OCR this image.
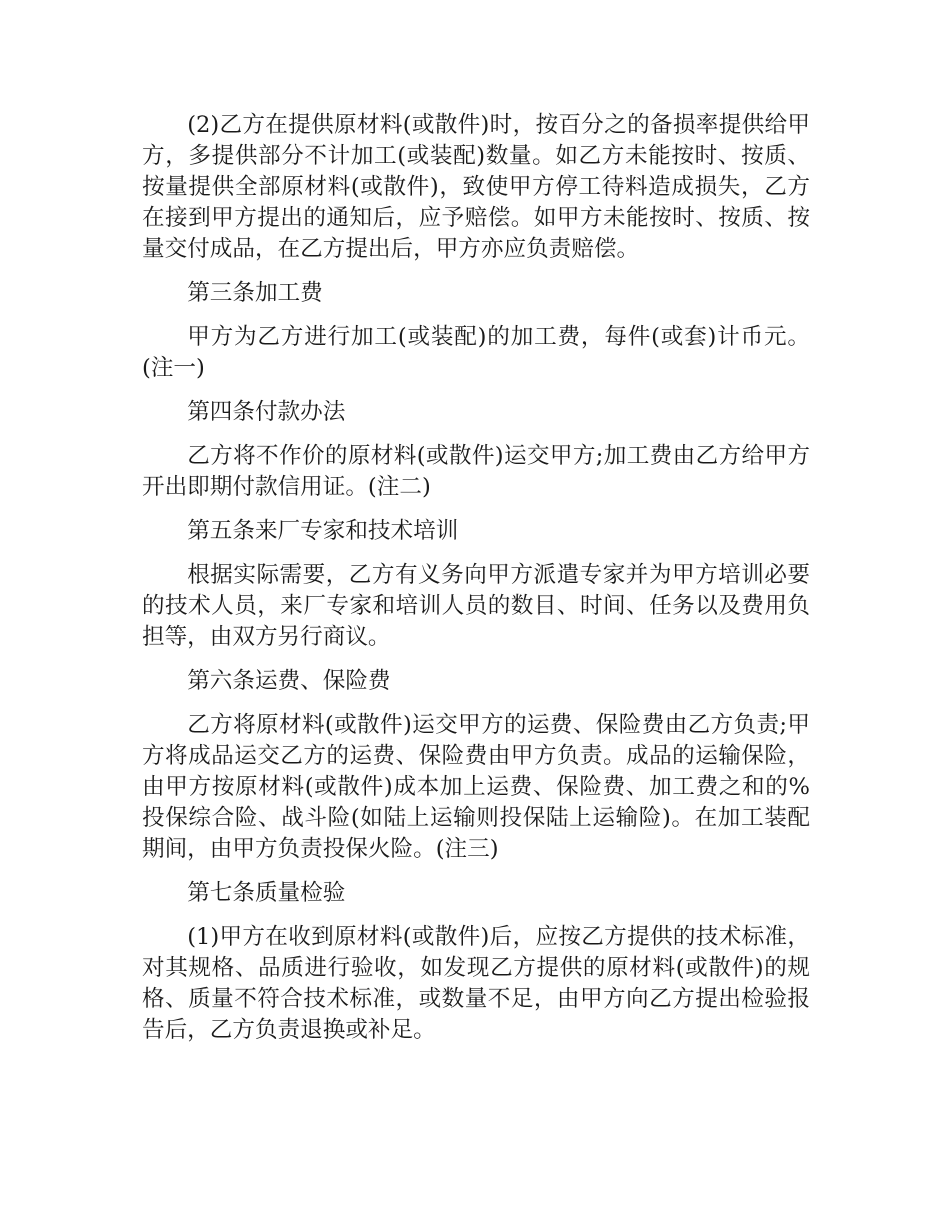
(2)乙方在提供原材料(或散件)时，按百分之的备损率提供给甲方，多提供部分不计加工(或装配)数量。如乙方未能按时、按质、按量提供全部原材料(或散件)，致使甲方停工待料造成损失，乙方在接到甲方提出的通知后，应予赔偿。如甲方未能按时、按质、按量交付成品，在乙方提出后，甲方亦应负责赔偿。

第三条加工费

甲方为乙方进行加工(或装配)的加工费，每件(或套)计币元。(注一)

第四条付款办法

乙方将不作价的原材料(或散件)运交甲方;加工费由乙方给甲方开出即期付款信用证。(注二)

第五条来厂专家和技术培训

根据实际需要，乙方有义务向甲方派遣专家并为甲方培训必要的技术人员，来厂专家和培训人员的数目、时间、任务以及费用负担等，由双方另行商议。

第六条运费、保险费

乙方将原材料(或散件)运交甲方的运费、保险费由乙方负责;甲方将成品运交乙方的运费、保险费由甲方负责。成品的运输保险，由甲方按原材料(或散件)成本加上运费、保险费、加工费之和的%投保综合险、战斗险(如陆上运输则投保陆上运输险)。在加工装配期间，由甲方负责投保火险。(注三)

第七条质量检验

(1)甲方在收到原材料(或散件)后，应按乙方提供的技术标准，对其规格、品质进行验收，如发现乙方提供的原材料(或散件)的规格、质量不符合技术标准，或数量不足，由甲方向乙方提出检验报告后，乙方负责退换或补足。
